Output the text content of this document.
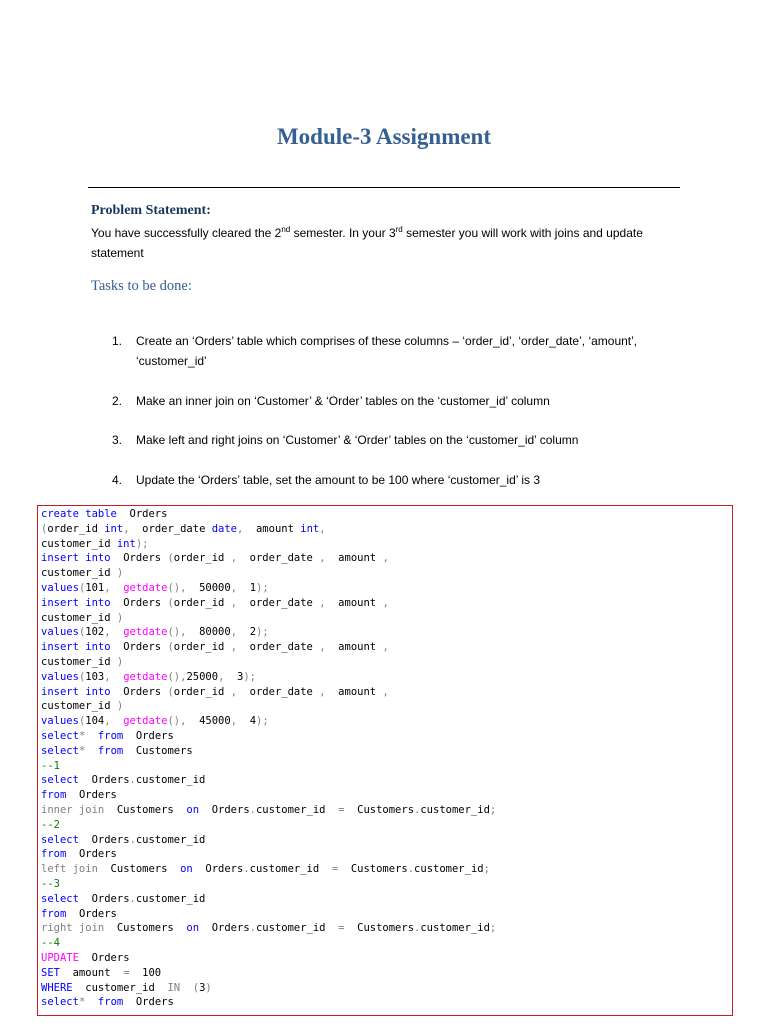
Module-3 Assignment
Problem Statement:
You have successfully cleared the 2nd semester. In your 3rd semester you will work with joins and update statement
Tasks to be done:
1.	Create an ‘Orders’ table which comprises of these columns – ‘order_id’, ‘order_date’, ‘amount’, ‘customer_id’
2.	Make an inner join on ‘Customer’ & ‘Order’ tables on the ‘customer_id’ column
3.	Make left and right joins on ‘Customer’ & ‘Order’ tables on the ‘customer_id’ column
4.	Update the ‘Orders’ table, set the amount to be 100 where ‘customer_id’ is 3
create table  Orders
(order_id int,  order_date date,  amount int,
customer_id int);
insert into  Orders (order_id ,  order_date ,  amount ,
customer_id )
values(101, getdate(),  50000,  1);
insert into  Orders (order_id ,  order_date ,  amount ,
customer_id )
values(102, getdate(),  80000,  2);
insert into  Orders (order_id ,  order_date ,  amount ,
customer_id )
values(103, getdate(),25000,  3);
insert into  Orders (order_id ,  order_date ,  amount ,
customer_id )
values(104, getdate(),  45000,  4);
select* from  Orders
select* from  Customers
--1
select  Orders.customer_id
from  Orders
inner join  Customers  on  Orders.customer_id  =  Customers.customer_id;
--2
select  Orders.customer_id
from  Orders
left join  Customers  on  Orders.customer_id  =  Customers.customer_id;
--3
select  Orders.customer_id
from  Orders
right join  Customers  on  Orders.customer_id  =  Customers.customer_id;
--4
UPDATE  Orders
SET  amount  =  100
WHERE  customer_id  IN (3)
select* from  Orders
